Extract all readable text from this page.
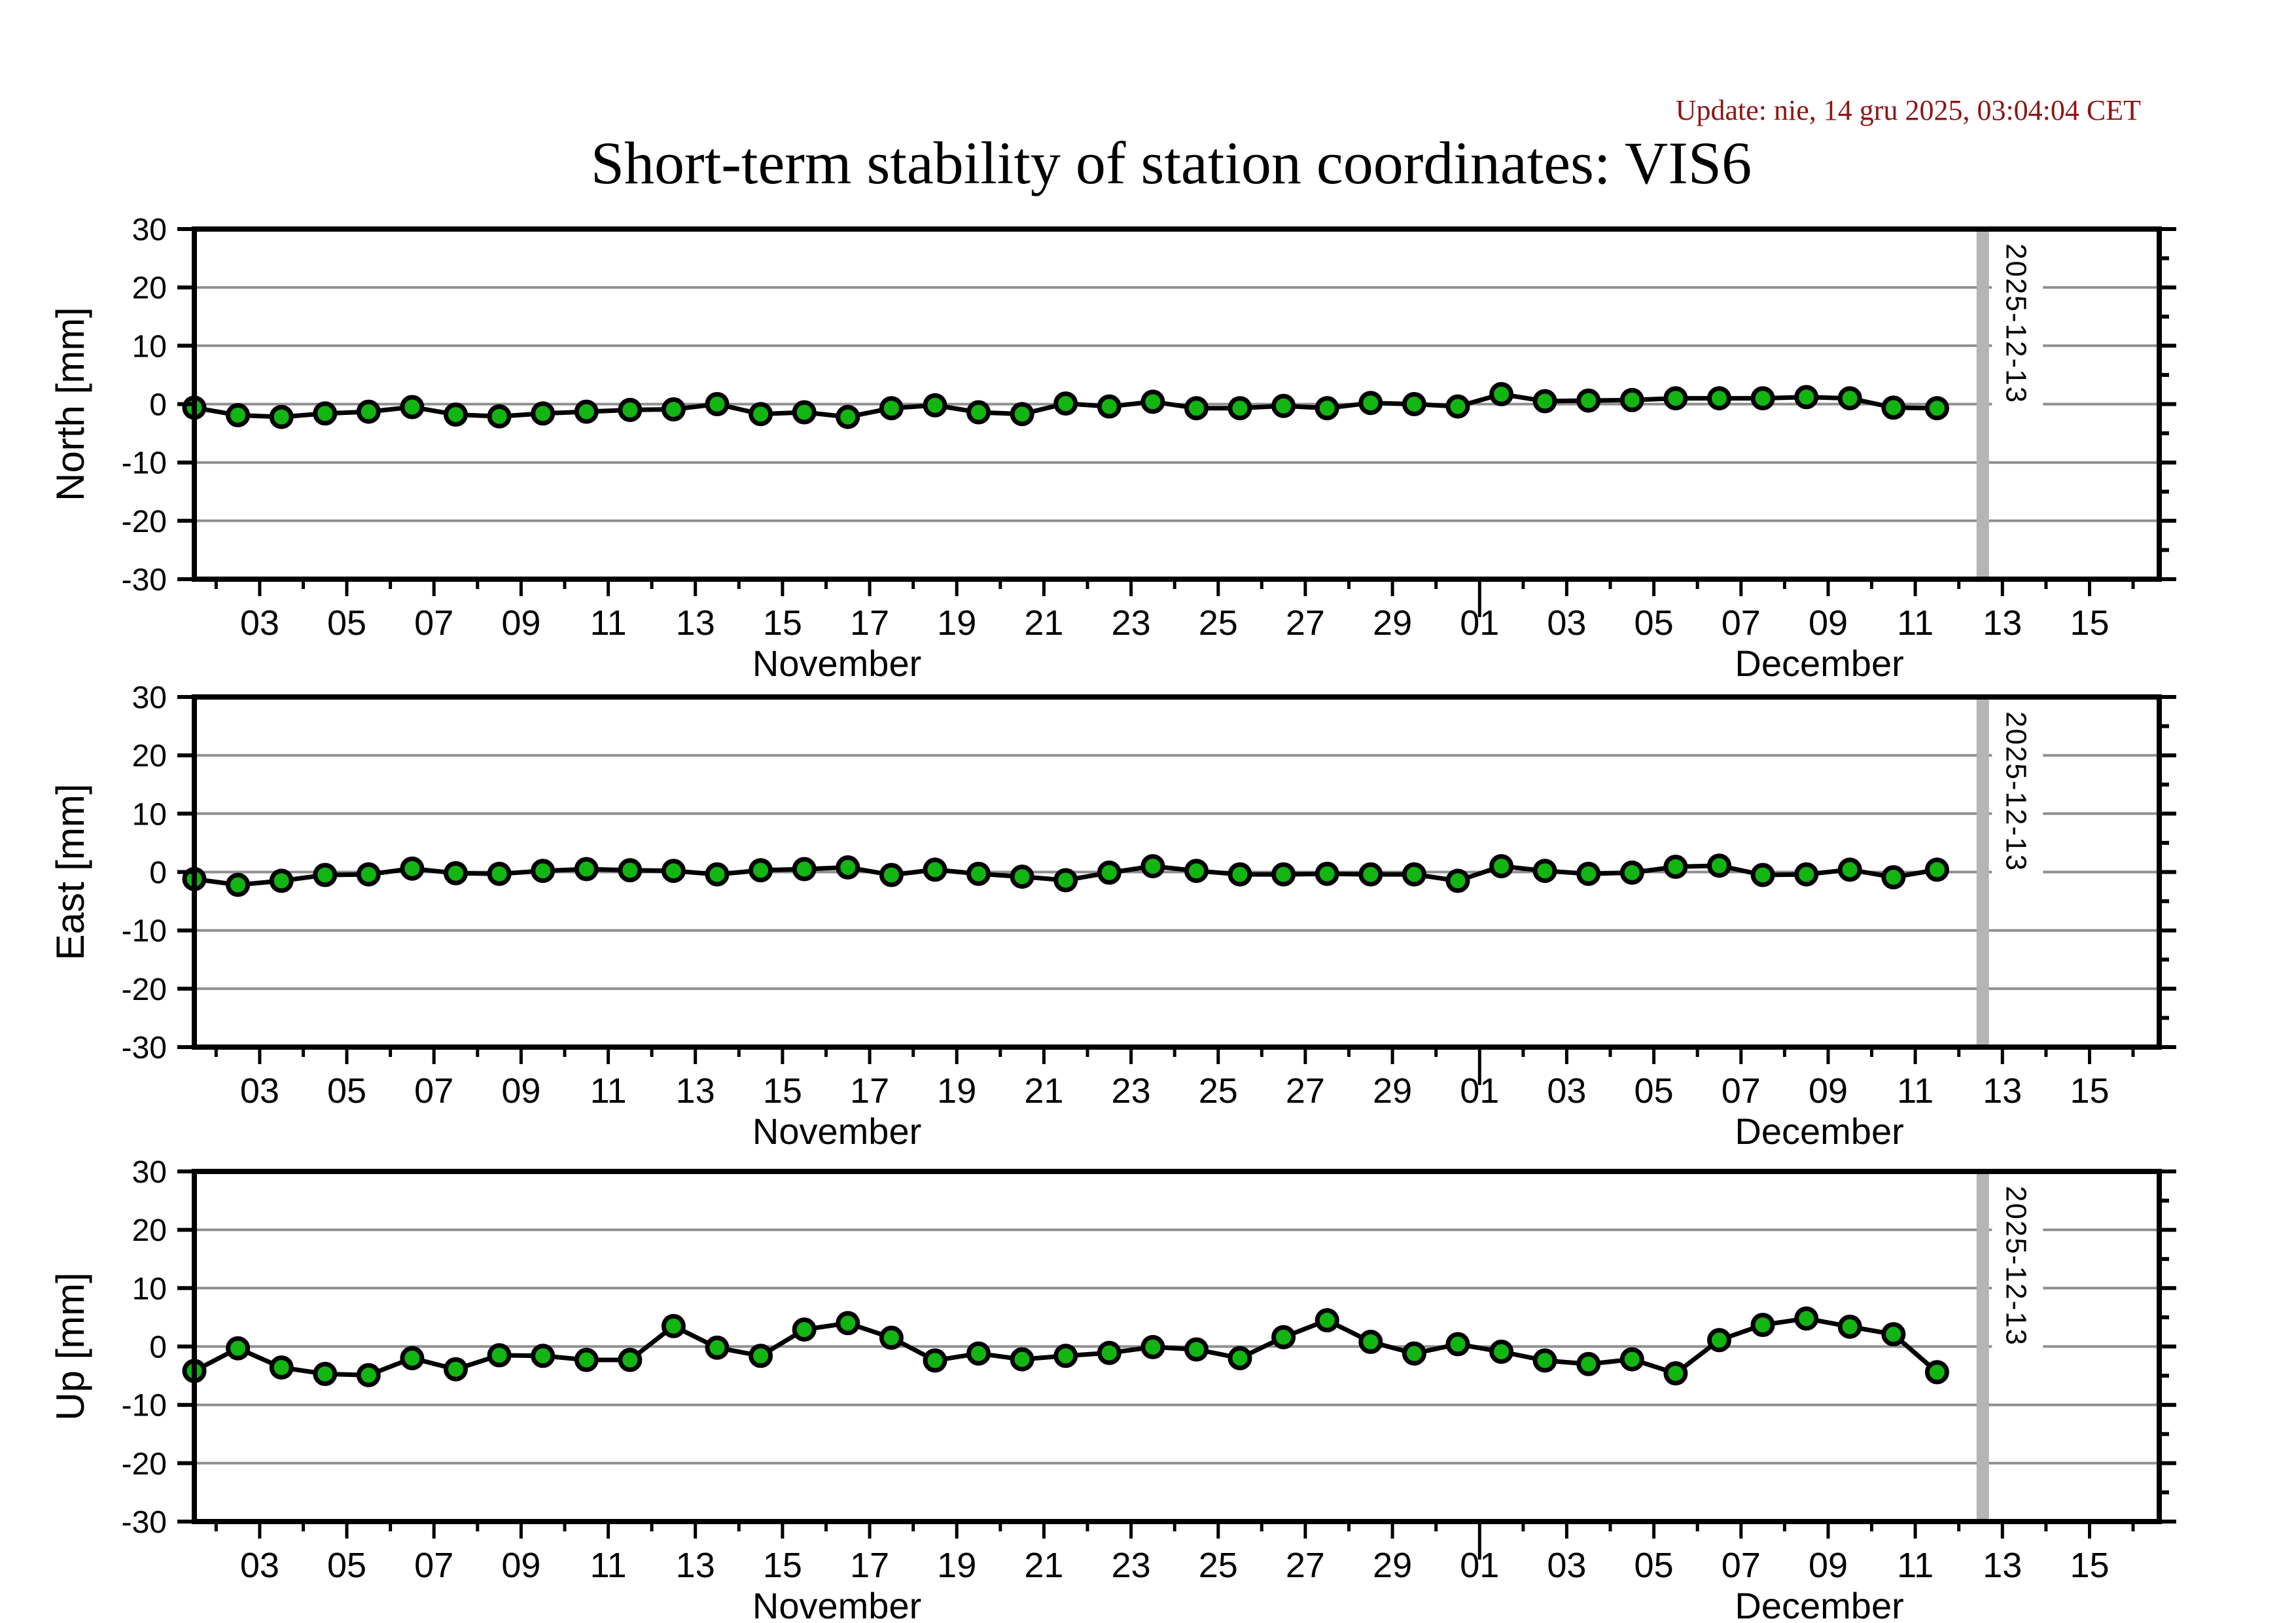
Update: nie, 14 gru 2025, 03:04:04 CET
Short-term stability of station coordinates: VIS6
2025-12-13
30
20
10
0
-10
-20
-30
03 05 07 09 11 13 15 17 19 21 23 25 27 29 01 03 05 07 09 11 13 15
November	December
North [mm]
2025-12-13
30
20
10
0
-10
-20
-30
03 05 07 09 11 13 15 17 19 21 23 25 27 29 01 03 05 07 09 11 13 15
November	December
East [mm]
2025-12-13
30
20
10
0
-10
-20
-30
03 05 07 09 11 13 15 17 19 21 23 25 27 29 01 03 05 07 09 11 13 15
November	December
Up [mm]
